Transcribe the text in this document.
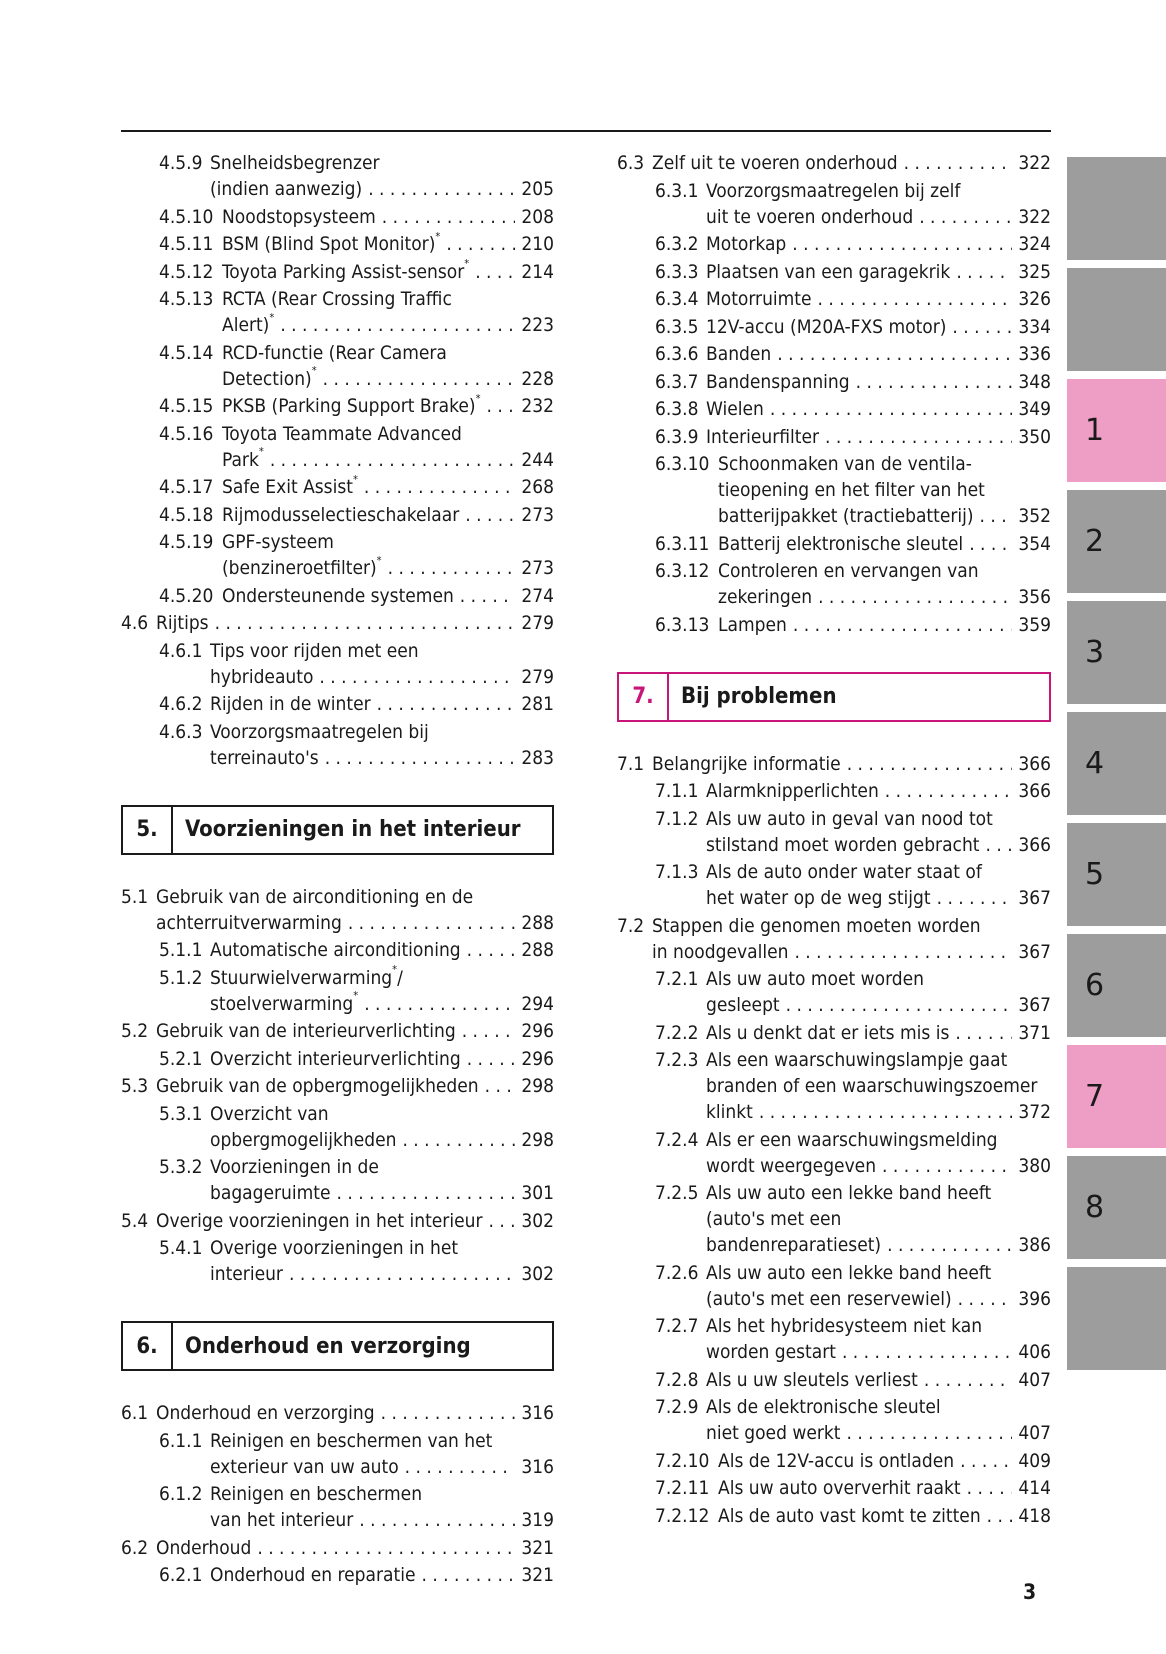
4.5.9 Snelheidsbegrenzer
(indien aanwezig) . . .	205
4.5.10 Noodstopsysteem . . .	208
4.5.11 BSM (Blind Spot Monitor)* . . .	210
4.5.12 Toyota Parking Assist-sensor* . . .	214
4.5.13 RCTA (Rear Crossing Traffic
Alert)* . . .	223
4.5.14 RCD-functie (Rear Camera
Detection)* . . .	228
4.5.15 PKSB (Parking Support Brake)* . . . 232
4.5.16 Toyota Teammate Advanced
Park* . . .	244
4.5.17 Safe Exit Assist* . . .	268
4.5.18 Rijmodusselectieschakelaar . . .	273
4.5.19 GPF-systeem
(benzineroetfilter)* . . .	273
4.5.20 Ondersteunende systemen . . .	274
4.6 Rijtips . . .	279
4.6.1 Tips voor rijden met een
hybrideauto . . .	279
4.6.2 Rijden in de winter . . .	281
4.6.3 Voorzorgsmaatregelen bij
terreinauto's . . .	283
5.	Voorzieningen in het interieur
5.1 Gebruik van de airconditioning en de
achterruitverwarming . . .	288
5.1.1 Automatische airconditioning . . .	288
5.1.2 Stuurwielverwarming*/
stoelverwarming* . . .	294
5.2 Gebruik van de interieurverlichting . . .	296
5.2.1 Overzicht interieurverlichting . . .	296
5.3 Gebruik van de opbergmogelijkheden . . . 298
5.3.1 Overzicht van
opbergmogelijkheden . . .	298
5.3.2 Voorzieningen in de
bagageruimte . . .	301
5.4 Overige voorzieningen in het interieur . . . 302
5.4.1 Overige voorzieningen in het
interieur . . .	302
6.	Onderhoud en verzorging
6.1 Onderhoud en verzorging . . .	316
6.1.1 Reinigen en beschermen van het
exterieur van uw auto . . .	316
6.1.2 Reinigen en beschermen
van het interieur . . .	319
6.2 Onderhoud . . .	321
6.2.1 Onderhoud en reparatie . . .	321
6.3 Zelf uit te voeren onderhoud . . .	322
6.3.1 Voorzorgsmaatregelen bij zelf
uit te voeren onderhoud . . .	322
6.3.2 Motorkap . . .	324
6.3.3 Plaatsen van een garagekrik . . .	325
6.3.4 Motorruimte . . .	326
6.3.5 12V-accu (M20A-FXS motor) . . .	334
6.3.6 Banden . . .	336
6.3.7 Bandenspanning . . .	348
6.3.8 Wielen . . .	349
6.3.9 Interieurfilter . . .	350
6.3.10 Schoonmaken van de ventila-
tieopening en het filter van het
batterijpakket (tractiebatterij) . . . 352
6.3.11 Batterij elektronische sleutel . . .	354
6.3.12 Controleren en vervangen van
zekeringen . . .	356
6.3.13 Lampen . . .	359
7.	Bij problemen
7.1 Belangrijke informatie . . .	366
7.1.1 Alarmknipperlichten . . .	366
7.1.2 Als uw auto in geval van nood tot
stilstand moet worden gebracht . . . 366
7.1.3 Als de auto onder water staat of
het water op de weg stijgt . . .	367
7.2 Stappen die genomen moeten worden
in noodgevallen . . .	367
7.2.1 Als uw auto moet worden
gesleept . . .	367
7.2.2 Als u denkt dat er iets mis is . . .	371
7.2.3 Als een waarschuwingslampje gaat
branden of een waarschuwingszoemer
klinkt . . .	372
7.2.4 Als er een waarschuwingsmelding
wordt weergegeven . . .	380
7.2.5 Als uw auto een lekke band heeft
(auto's met een
bandenreparatieset) . . .	386
7.2.6 Als uw auto een lekke band heeft
(auto's met een reservewiel) . . .	396
7.2.7 Als het hybridesysteem niet kan
worden gestart . . .	406
7.2.8 Als u uw sleutels verliest . . .	407
7.2.9 Als de elektronische sleutel
niet goed werkt . . .	407
7.2.10 Als de 12V-accu is ontladen . . .	409
7.2.11 Als uw auto oververhit raakt . . .	414
7.2.12 Als de auto vast komt te zitten . . . 418
1
2
3
4
5
6
7
8
3
